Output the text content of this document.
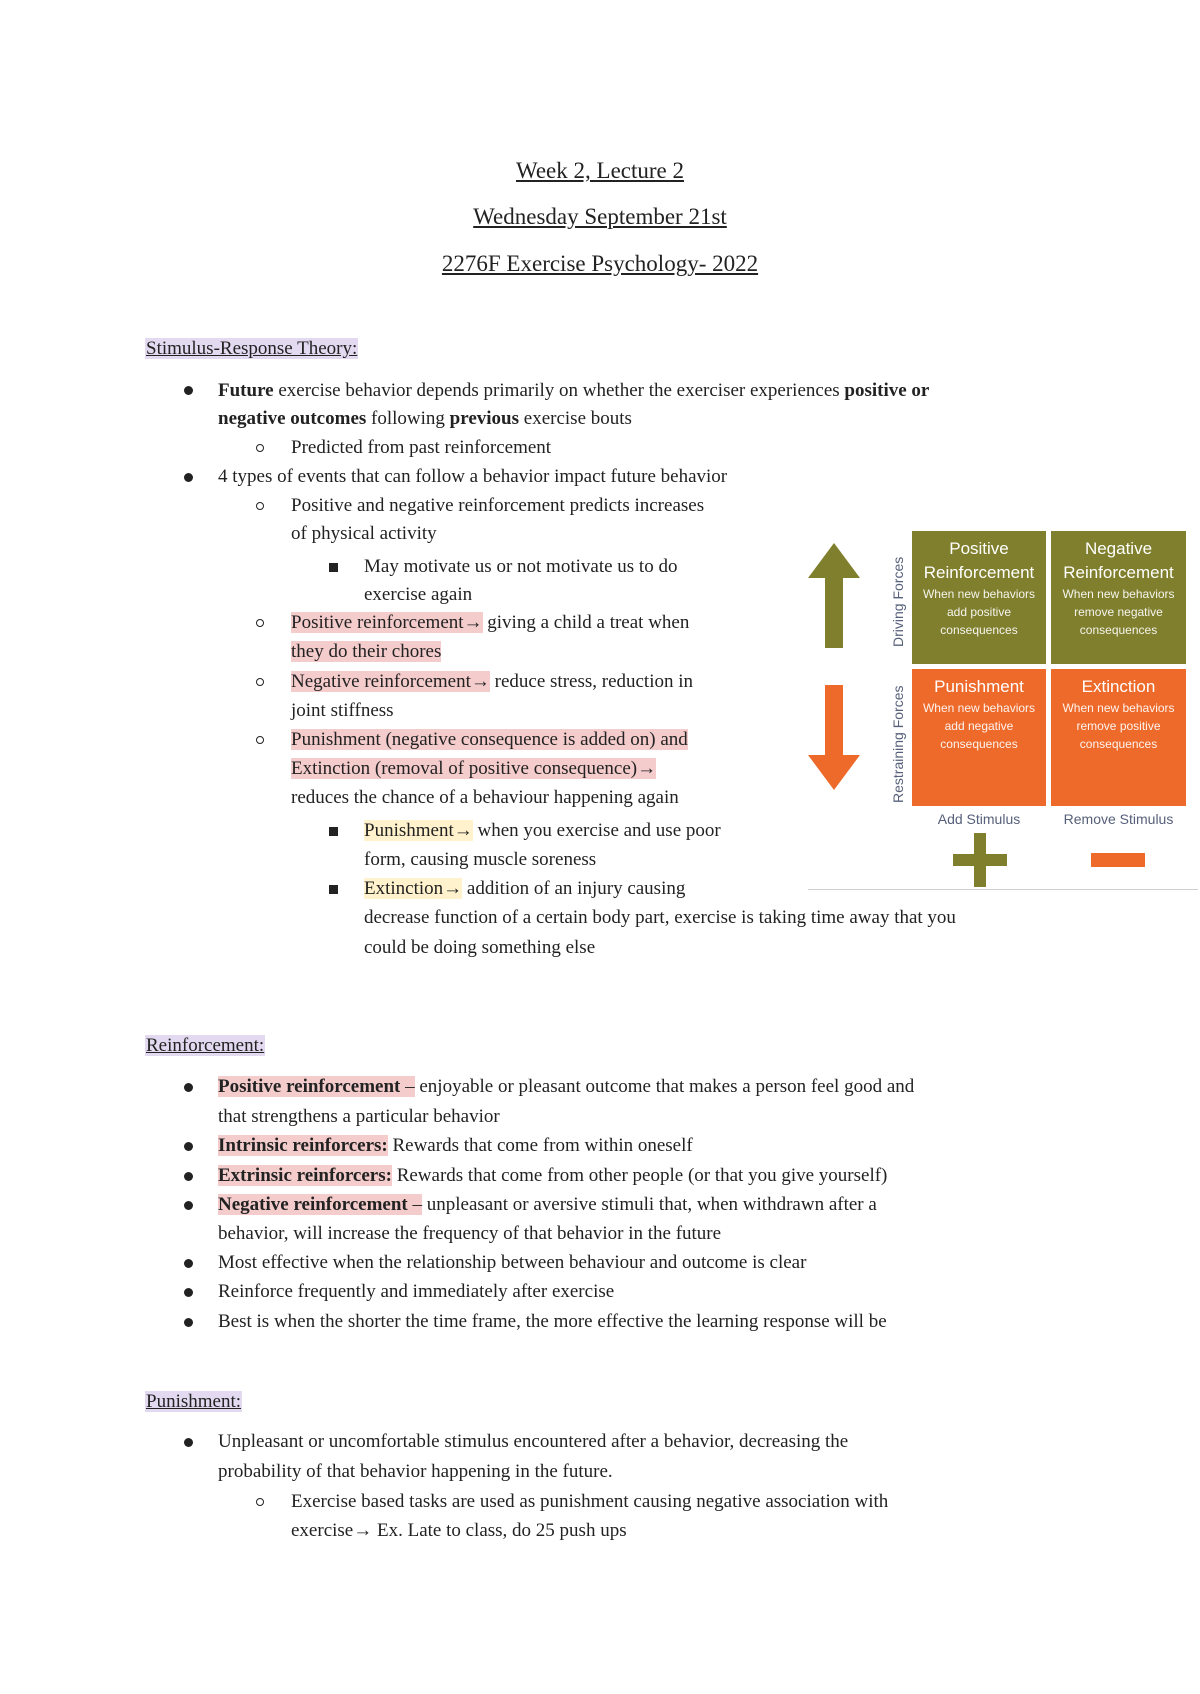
Week 2, Lecture 2
Wednesday September 21st
2276F Exercise Psychology- 2022
Stimulus-Response Theory:
Future exercise behavior depends primarily on whether the exerciser experiences positive or
negative outcomes following previous exercise bouts
Predicted from past reinforcement
4 types of events that can follow a behavior impact future behavior
Positive and negative reinforcement predicts increases
of physical activity
May motivate us or not motivate us to do
exercise again
Positive reinforcement→ giving a child a treat when
they do their chores
Negative reinforcement→ reduce stress, reduction in
joint stiffness
Punishment (negative consequence is added on) and
Extinction (removal of positive consequence)→
reduces the chance of a behaviour happening again
Punishment→ when you exercise and use poor
form, causing muscle soreness
Extinction→ addition of an injury causing
decrease function of a certain body part, exercise is taking time away that you
could be doing something else
Driving Forces
Restraining Forces
Positive Reinforcement
When new behaviors add positive consequences
Negative Reinforcement
When new behaviors remove negative consequences
Punishment
When new behaviors add negative consequences
Extinction
When new behaviors remove positive consequences
Add Stimulus	Remove Stimulus
Reinforcement:
Positive reinforcement – enjoyable or pleasant outcome that makes a person feel good and
that strengthens a particular behavior
Intrinsic reinforcers: Rewards that come from within oneself
Extrinsic reinforcers: Rewards that come from other people (or that you give yourself)
Negative reinforcement – unpleasant or aversive stimuli that, when withdrawn after a
behavior, will increase the frequency of that behavior in the future
Most effective when the relationship between behaviour and outcome is clear
Reinforce frequently and immediately after exercise
Best is when the shorter the time frame, the more effective the learning response will be
Punishment:
Unpleasant or uncomfortable stimulus encountered after a behavior, decreasing the
probability of that behavior happening in the future.
Exercise based tasks are used as punishment causing negative association with
exercise→ Ex. Late to class, do 25 push ups
